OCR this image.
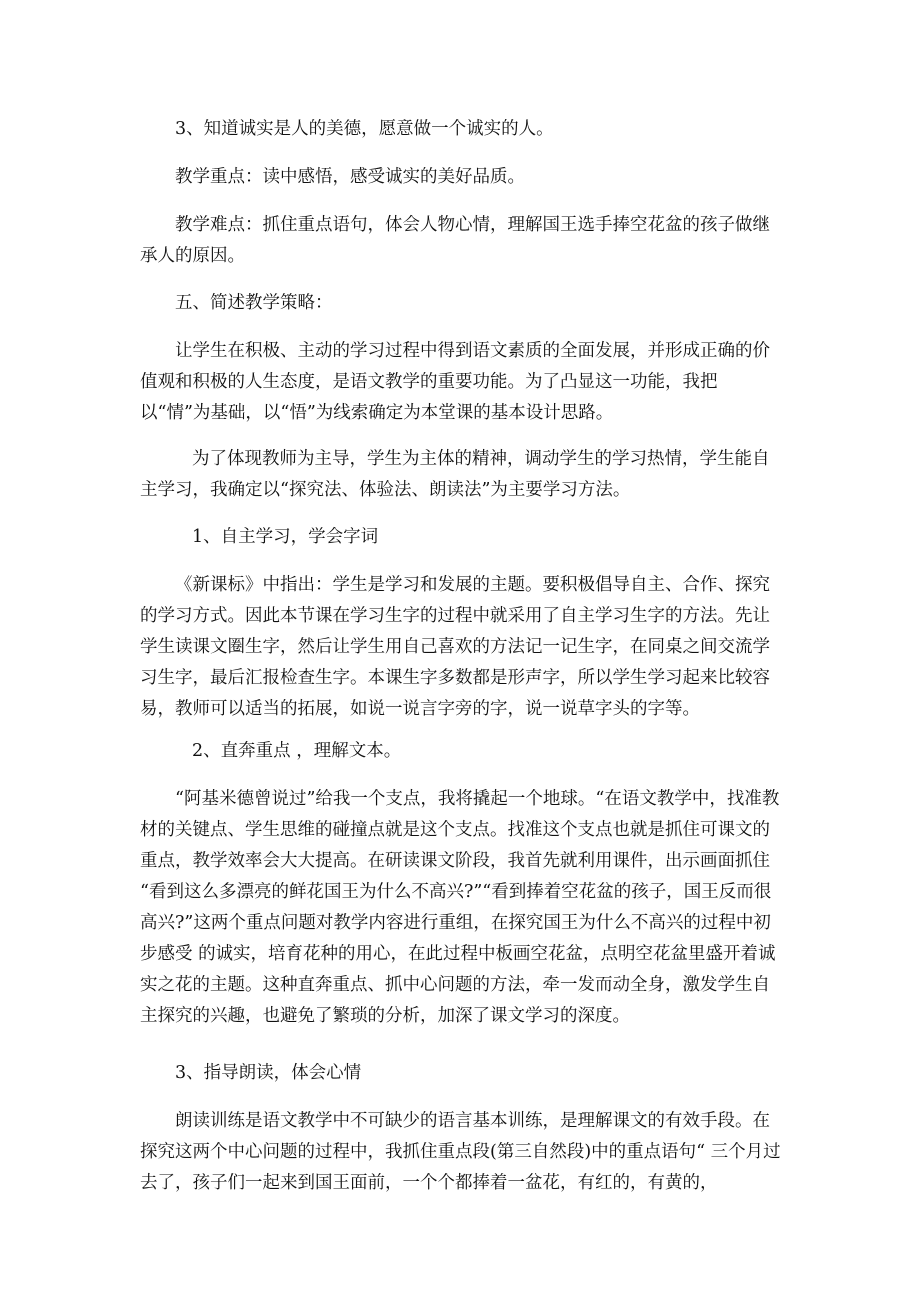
3、知道诚实是人的美德，愿意做一个诚实的人。

教学重点：读中感悟，感受诚实的美好品质。

教学难点：抓住重点语句，体会人物心情，理解国王选手捧空花盆的孩子做继承人的原因。

五、简述教学策略：

让学生在积极、主动的学习过程中得到语文素质的全面发展，并形成正确的价值观和积极的人生态度，是语文教学的重要功能。为了凸显这一功能，我把以“情”为基础，以“悟”为线索确定为本堂课的基本设计思路。

为了体现教师为主导，学生为主体的精神，调动学生的学习热情，学生能自主学习，我确定以“探究法、体验法、朗读法”为主要学习方法。

1、自主学习，学会字词

《新课标》中指出：学生是学习和发展的主题。要积极倡导自主、合作、探究的学习方式。因此本节课在学习生字的过程中就采用了自主学习生字的方法。先让学生读课文圈生字，然后让学生用自己喜欢的方法记一记生字，在同桌之间交流学习生字，最后汇报检查生字。本课生字多数都是形声字，所以学生学习起来比较容易，教师可以适当的拓展，如说一说言字旁的字，说一说草字头的字等。

2、直奔重点 ，理解文本。

“阿基米德曾说过”给我一个支点，我将撬起一个地球。“在语文教学中，找准教材的关键点、学生思维的碰撞点就是这个支点。找准这个支点也就是抓住可课文的重点，教学效率会大大提高。在研读课文阶段，我首先就利用课件，出示画面抓住 “看到这么多漂亮的鲜花国王为什么不高兴?”“看到捧着空花盆的孩子，国王反而很高兴?”这两个重点问题对教学内容进行重组，在探究国王为什么不高兴的过程中初步感受 的诚实，培育花种的用心，在此过程中板画空花盆，点明空花盆里盛开着诚实之花的主题。这种直奔重点、抓中心问题的方法，牵一发而动全身，激发学生自主探究的兴趣，也避免了繁琐的分析，加深了课文学习的深度。

3、指导朗读，体会心情

朗读训练是语文教学中不可缺少的语言基本训练，是理解课文的有效手段。在探究这两个中心问题的过程中，我抓住重点段(第三自然段)中的重点语句“ 三个月过去了，孩子们一起来到国王面前，一个个都捧着一盆花，有红的，有黄的，
